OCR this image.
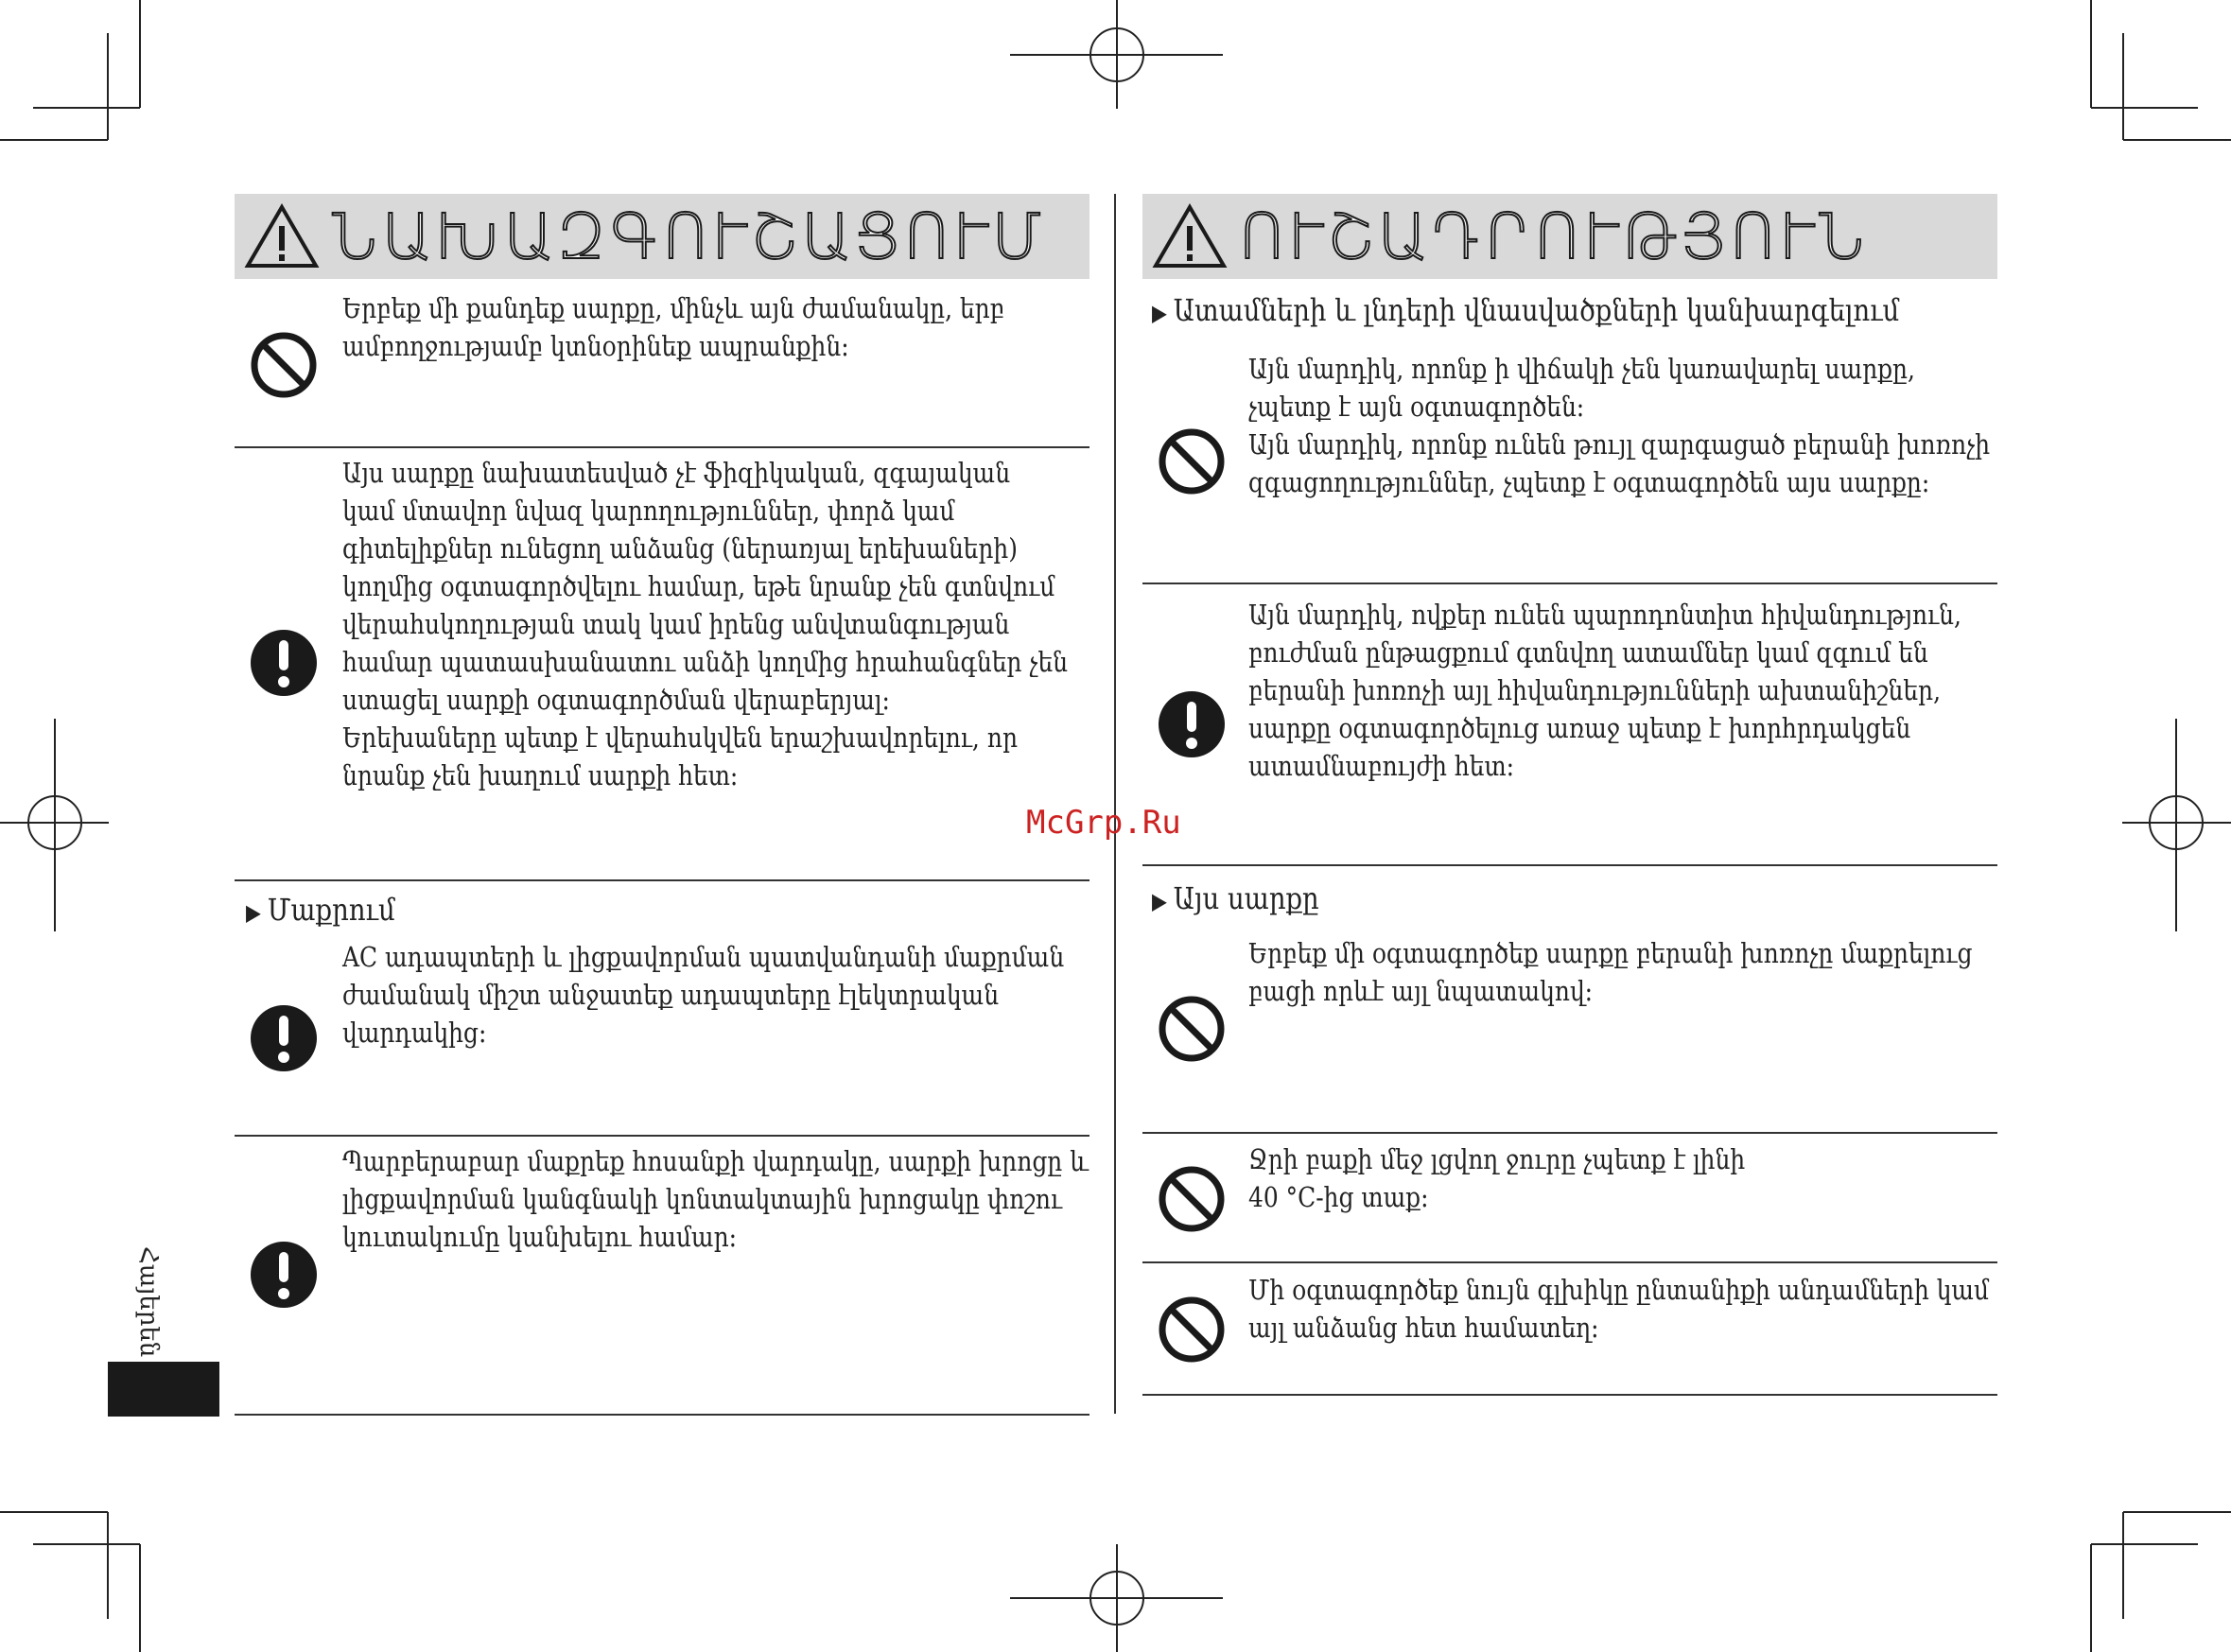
ՆԱԽԱԶԳՈՒՇԱՑՈՒՄ
Երբեք մի քանդեք սարքը, մինչև այն ժամանակը, երբ
ամբողջությամբ կտնօրինեք ապրանքին:
Այս սարքը նախատեսված չէ ֆիզիկական, զգայական
կամ մտավոր նվազ կարողություններ, փորձ կամ
գիտելիքներ ունեցող անձանց (ներառյալ երեխաների)
կողմից օգտագործվելու համար, եթե նրանք չեն գտնվում
վերահսկողության տակ կամ իրենց անվտանգության
համար պատասխանատու անձի կողմից հրահանգներ չեն
ստացել սարքի օգտագործման վերաբերյալ:
Երեխաները պետք է վերահսկվեն երաշխավորելու, որ
նրանք չեն խաղում սարքի հետ:
▶ Մաքրում
AC ադապտերի և լիցքավորման պատվանդանի մաքրման
ժամանակ միշտ անջատեք ադապտերը էլեկտրական
վարդակից:
Պարբերաբար մաքրեք հոսանքի վարդակը, սարքի խրոցը և
լիցքավորման կանգնակի կոնտակտային խրոցակը փոշու
կուտակումը կանխելու համար:
Հայերեն
ՈՒՇԱԴՐՈՒԹՅՈՒՆ
▶ Ատամների և լնդերի վնասվածքների կանխարգելում
Այն մարդիկ, որոնք ի վիճակի չեն կառավարել սարքը,
չպետք է այն օգտագործեն:
Այն մարդիկ, որոնք ունեն թույլ զարգացած բերանի խոռոչի
զգացողություններ, չպետք է օգտագործեն այս սարքը:
Այն մարդիկ, ովքեր ունեն պարոդոնտիտ հիվանդություն,
բուժման ընթացքում գտնվող ատամներ կամ զգում են
բերանի խոռոչի այլ հիվանդությունների ախտանիշներ,
սարքը օգտագործելուց առաջ պետք է խորհրդակցեն
ատամնաբույժի հետ:
McGrp.Ru
▶ Այս սարքը
Երբեք մի օգտագործեք սարքը բերանի խոռոչը մաքրելուց
բացի որևէ այլ նպատակով:
Ջրի բաքի մեջ լցվող ջուրը չպետք է լինի
40 °C-ից տաք:
Մի օգտագործեք նույն գլխիկը ընտանիքի անդամների կամ
այլ անձանց հետ համատեղ:
